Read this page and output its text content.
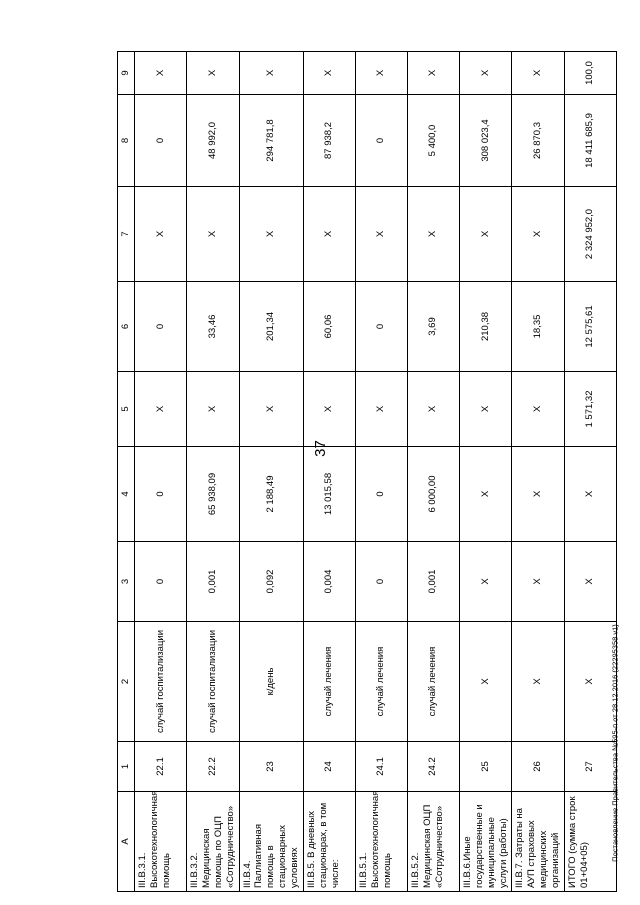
37
Постановление Правительства №595-п от 28.12.2016 (22295358 v1)
А	1	2	3	4	5	6	7	8	9
III.В.3.1. Высокотехнологичная помощь	22.1	случай госпитализации	0	0	Х	0	Х	0	Х
III.В.3.2. Медицинская помощь по ОЦП «Сотрудничество»	22.2	случай госпитализации	0,001	65 938,09	Х	33,46	Х	48 992,0	Х
III.В.4. Паллиативная помощь в стационарных условиях	23	к/день	0,092	2 188,49	Х	201,34	Х	294 781,8	Х
III.В.5. В дневных стационарах, в том числе:	24	случай лечения	0,004	13 015,58	Х	60,06	Х	87 938,2	Х
III.В.5.1. Высокотехнологичная помощь	24.1	случай лечения	0	0	Х	0	Х	0	Х
III.В.5.2. Медицинская ОЦП «Сотрудничество»	24.2	случай лечения	0,001	6 000,00	Х	3,69	Х	5 400,0	Х
III.В.6.Иные государственные и муниципальные услуги (работы)	25	Х	Х	Х	Х	210,38	Х	308 023,4	Х
III.В.7. Затраты на АУП страховых медицинских организаций	26	Х	Х	Х	Х	18,35	Х	26 870,3	Х
ИТОГО (сумма строк 01+04+05)	27	Х	Х	Х	1 571,32	12 575,61	2 324 952,0	18 411 685,9	100,0
